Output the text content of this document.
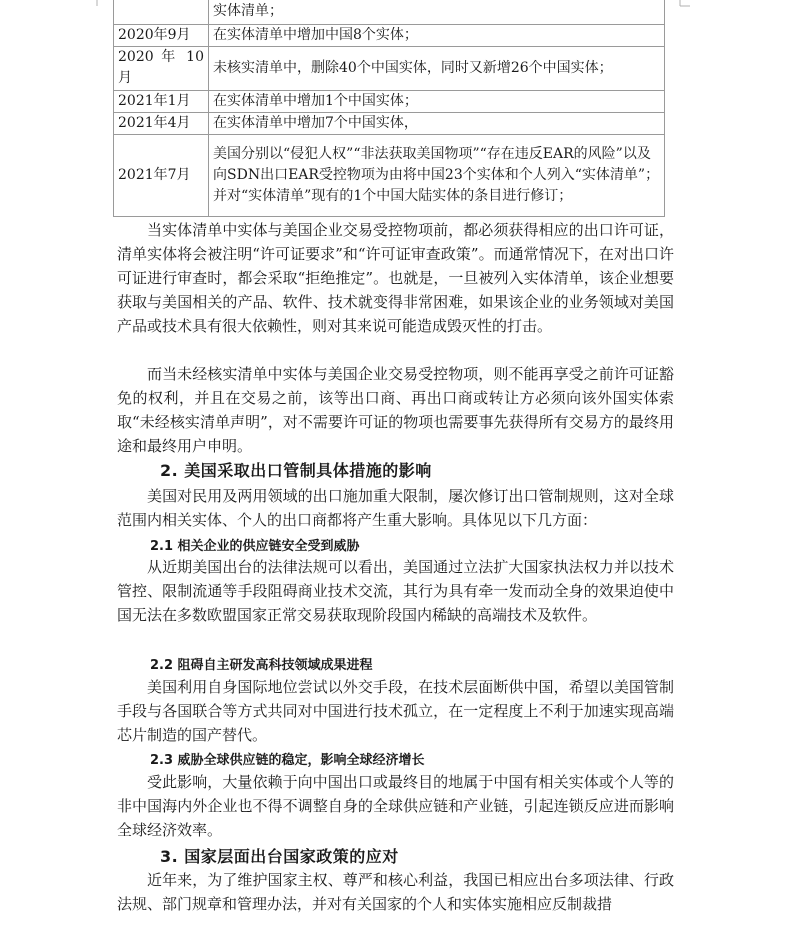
	实体清单；
2020年9月	在实体清单中增加中国8个实体；
2020 年 10 月	未核实清单中，删除40个中国实体，同时又新增26个中国实体；
2021年1月	在实体清单中增加1个中国实体；
2021年4月	在实体清单中增加7个中国实体，
2021年7月	美国分别以“侵犯人权”“非法获取美国物项”“存在违反EAR的风险”以及向SDN出口EAR受控物项为由将中国23个实体和个人列入“实体清单”；并对“实体清单”现有的1个中国大陆实体的条目进行修订；

当实体清单中实体与美国企业交易受控物项前，都必须获得相应的出口许可证，清单实体将会被注明“许可证要求”和“许可证审查政策”。而通常情况下，在对出口许可证进行审查时，都会采取“拒绝推定”。也就是，一旦被列入实体清单，该企业想要获取与美国相关的产品、软件、技术就变得非常困难，如果该企业的业务领域对美国产品或技术具有很大依赖性，则对其来说可能造成毁灭性的打击。

而当未经核实清单中实体与美国企业交易受控物项，则不能再享受之前许可证豁免的权利，并且在交易之前，该等出口商、再出口商或转让方必须向该外国实体索取“未经核实清单声明”，对不需要许可证的物项也需要事先获得所有交易方的最终用途和最终用户申明。

2. 美国采取出口管制具体措施的影响

美国对民用及两用领域的出口施加重大限制，屡次修订出口管制规则，这对全球范围内相关实体、个人的出口商都将产生重大影响。具体见以下几方面：

2.1 相关企业的供应链安全受到威胁

从近期美国出台的法律法规可以看出，美国通过立法扩大国家执法权力并以技术管控、限制流通等手段阻碍商业技术交流，其行为具有牵一发而动全身的效果迫使中国无法在多数欧盟国家正常交易获取现阶段国内稀缺的高端技术及软件。

2.2 阻碍自主研发高科技领域成果进程

美国利用自身国际地位尝试以外交手段，在技术层面断供中国，希望以美国管制手段与各国联合等方式共同对中国进行技术孤立，在一定程度上不利于加速实现高端芯片制造的国产替代。

2.3 威胁全球供应链的稳定，影响全球经济增长

受此影响，大量依赖于向中国出口或最终目的地属于中国有相关实体或个人等的非中国海内外企业也不得不调整自身的全球供应链和产业链，引起连锁反应进而影响全球经济效率。

3. 国家层面出台国家政策的应对

近年来，为了维护国家主权、尊严和核心利益，我国已相应出台多项法律、行政法规、部门规章和管理办法，并对有关国家的个人和实体实施相应反制裁措
